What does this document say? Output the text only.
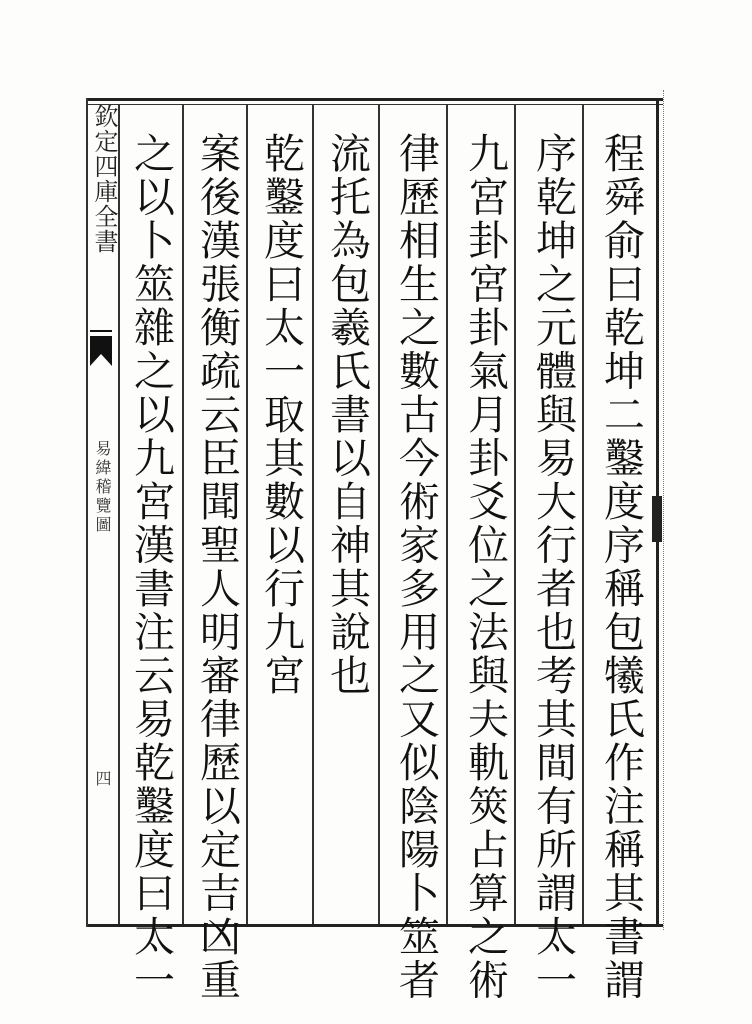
欽定四庫全書
易緯稽覽圖
四	程舜俞曰乾坤二鑿度序稱包犧氏作注稱其書謂
序乾坤之元體與易大行者也考其間有所謂太一
九宮卦宮卦氣月卦爻位之法與夫軌筴占算之術
律歷相生之數古今術家多用之又似陰陽卜筮者
流托為包羲氏書以自神其說也
乾鑿度曰太一取其數以行九宮
案後漢張衡疏云臣聞聖人明審律歷以定吉凶重
之以卜筮雜之以九宮漢書注云易乾鑿度曰太一
